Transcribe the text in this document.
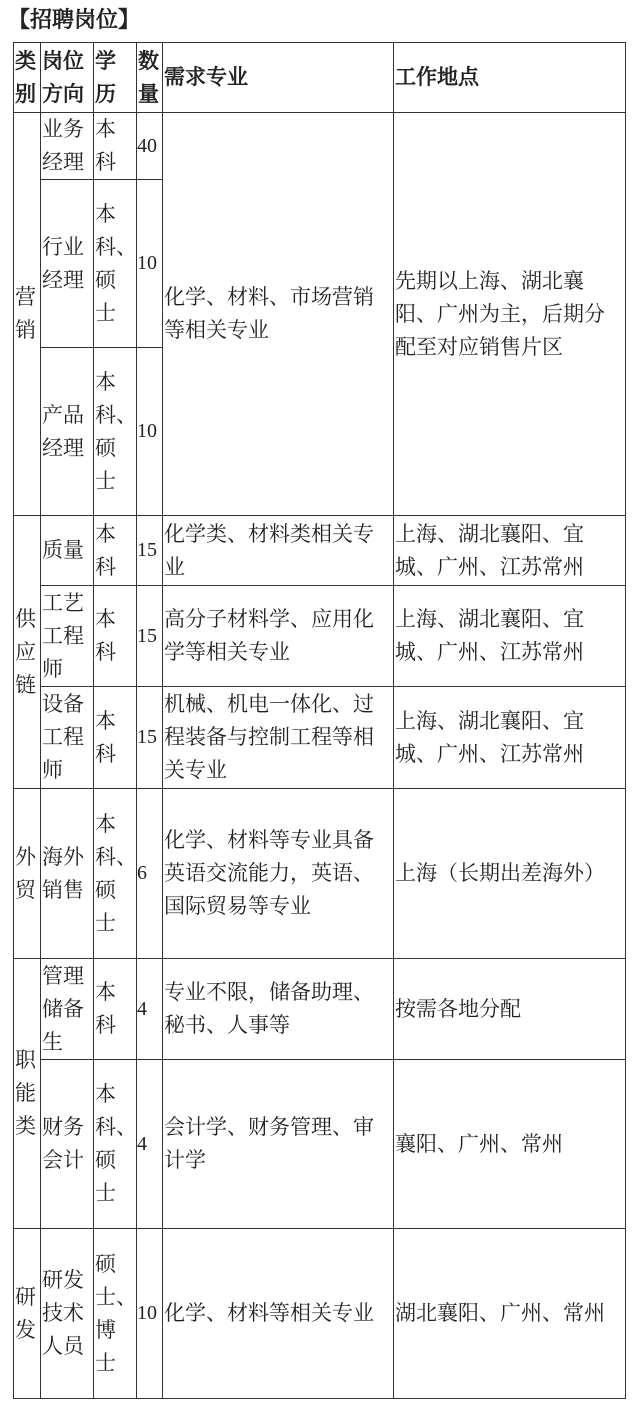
【招聘岗位】
类别	岗位方向	学历	数量	需求专业	工作地点
营销	业务经理	本科	40	化学、材料、市场营销等相关专业	先期以上海、湖北襄阳、广州为主，后期分配至对应销售片区
	行业经理	本科、硕士	10		
	产品经理	本科、硕士	10		
供应链	质量	本科	15	化学类、材料类相关专业	上海、湖北襄阳、宜城、广州、江苏常州
	工艺工程师	本科	15	高分子材料学、应用化学等相关专业	上海、湖北襄阳、宜城、广州、江苏常州
	设备工程师	本科	15	机械、机电一体化、过程装备与控制工程等相关专业	上海、湖北襄阳、宜城、广州、江苏常州
外贸	海外销售	本科、硕士	6	化学、材料等专业具备英语交流能力，英语、国际贸易等专业	上海（长期出差海外）
职能类	管理储备生	本科	4	专业不限，储备助理、秘书、人事等	按需各地分配
	财务会计	本科、硕士	4	会计学、财务管理、审计学	襄阳、广州、常州
研发	研发技术人员	硕士、博士	10	化学、材料等相关专业	湖北襄阳、广州、常州
